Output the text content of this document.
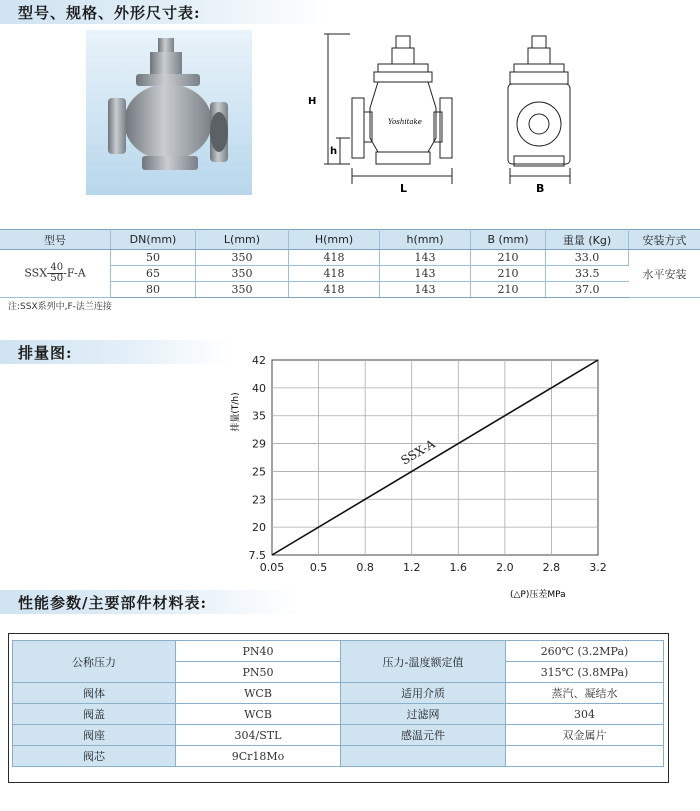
型号、规格、外形尺寸表:
H
h
L	B
Yoshitake
型号	DN(mm)	L(mm)	H(mm)	h(mm)	B (mm)	重量 (Kg)	安装方式
$SSX- \frac{40}{50} -F-A$	50	350	418	143	210	33.0	水平安装
	65	350	418	143	210	33.5	
	80	350	418	143	210	37.0	
注:SSX系列中,F-法兰连接
排量图:
0.05 0.5	0.8	1.2	1.6	2.0	2.8	3.2
7.5
20
23
25
29
35
40
42
SSX-A
排量(T/h)
(△P)压差MPa
性能参数/主要部件材料表:
公称压力	PN40	压力-温度额定值	260℃ (3.2MPa)
	PN50		315℃ (3.8MPa)
阀体	WCB	适用介质	蒸汽、凝结水
阀盖	WCB	过滤网	304
阀座	304/STL	感温元件	双金属片
阀芯	9Cr18Mo		
